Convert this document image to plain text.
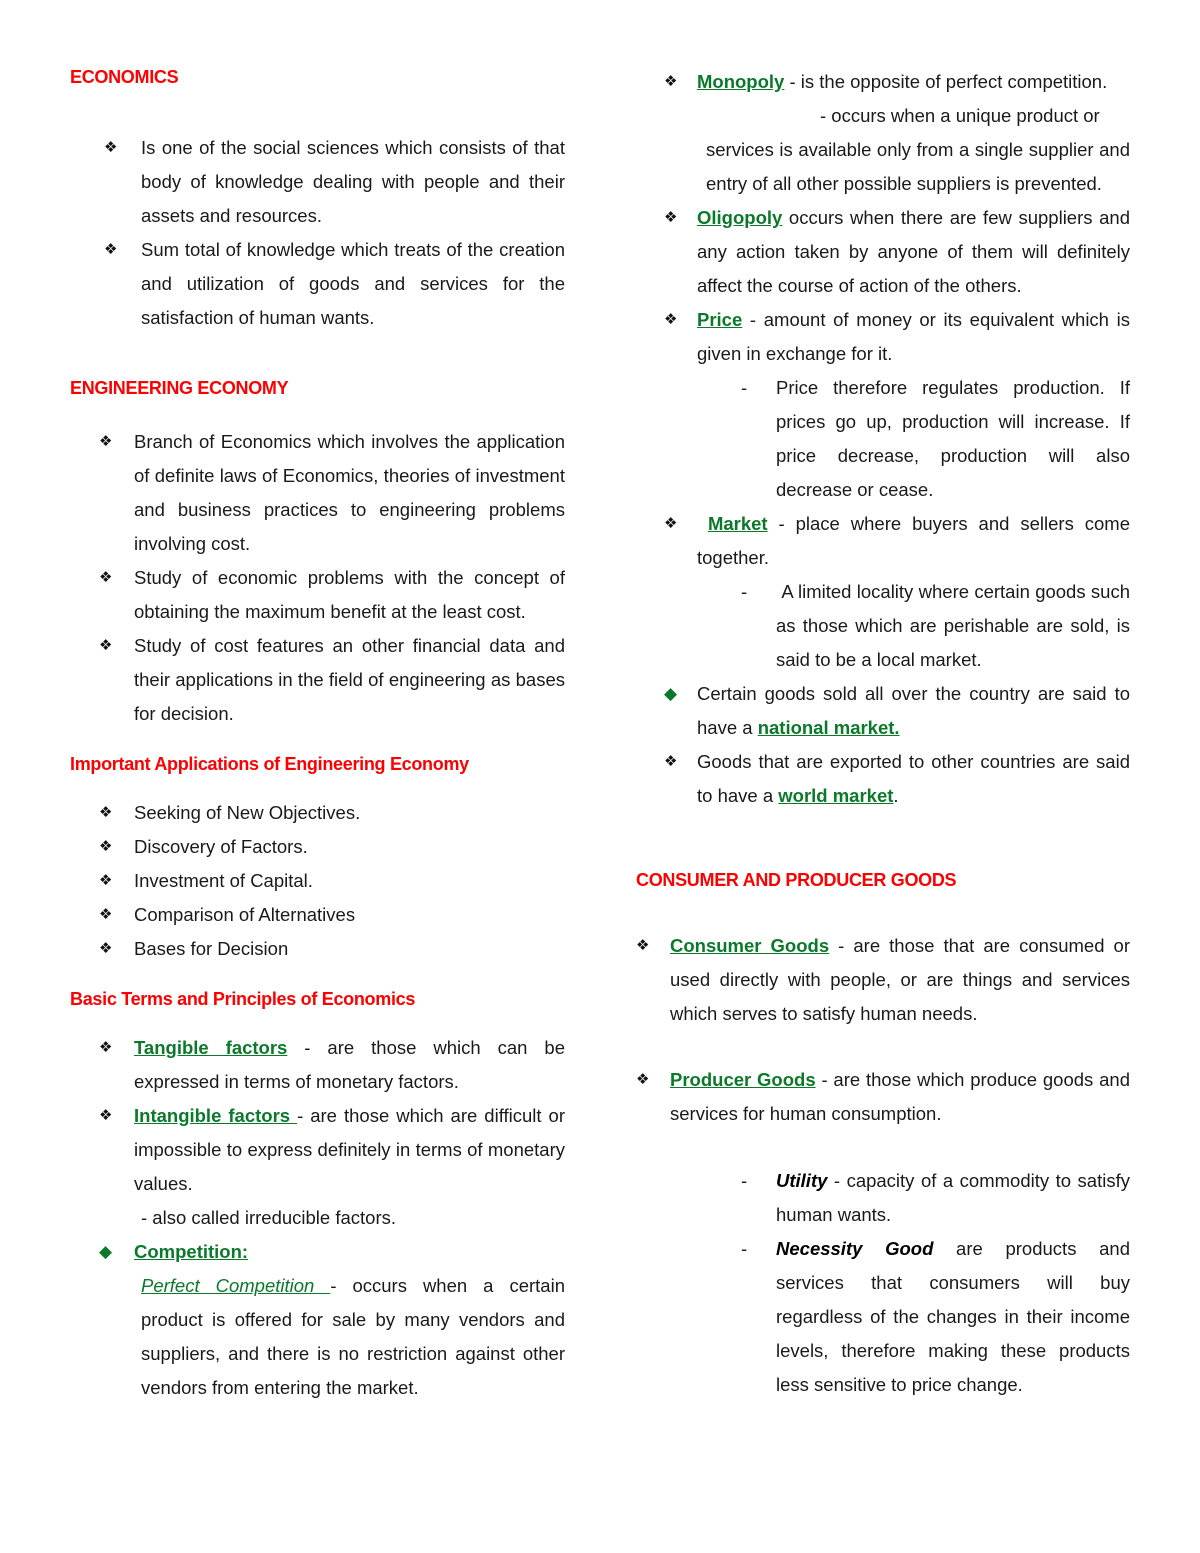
ECONOMICS
❖	Is one of the social sciences which consists of that body of knowledge dealing with people and their assets and resources.
❖	Sum total of knowledge which treats of the creation and utilization of goods and services for the satisfaction of human wants.
ENGINEERING ECONOMY
❖	Branch of Economics which involves the application of definite laws of Economics, theories of investment and business practices to engineering problems involving cost.
❖	Study of economic problems with the concept of obtaining the maximum benefit at the least cost.
❖	Study of cost features an other financial data and their applications in the field of engineering as bases for decision.
Important Applications of Engineering Economy
❖	Seeking of New Objectives.
❖	Discovery of Factors.
❖	Investment of Capital.
❖	Comparison of Alternatives
❖	Bases for Decision
Basic Terms and Principles of Economics
❖	Tangible factors - are those which can be expressed in terms of monetary factors.
❖	Intangible factors - are those which are difficult or impossible to express definitely in terms of monetary values.
- also called irreducible factors.
◆	Competition:
Perfect Competition - occurs when a certain product is offered for sale by many vendors and suppliers, and there is no restriction against other vendors from entering the market.
❖	Monopoly - is the opposite of perfect competition.
- occurs when a unique product or
services is available only from a single supplier and entry of all other possible suppliers is prevented.
❖	Oligopoly occurs when there are few suppliers and any action taken by anyone of them will definitely affect the course of action of the others.
❖	Price - amount of money or its equivalent which is given in exchange for it.
- Price therefore regulates production. If prices go up, production will increase. If price decrease, production will also decrease or cease.
❖	Market - place where buyers and sellers come together.
- A limited locality where certain goods such as those which are perishable are sold, is said to be a local market.
◆	Certain goods sold all over the country are said to have a national market.
❖	Goods that are exported to other countries are said to have a world market.
CONSUMER AND PRODUCER GOODS
❖	Consumer Goods - are those that are consumed or used directly with people, or are things and services which serves to satisfy human needs.
❖	Producer Goods - are those which produce goods and services for human consumption.
- Utility - capacity of a commodity to satisfy human wants.
- Necessity Good are products and services that consumers will buy regardless of the changes in their income levels, therefore making these products less sensitive to price change.
